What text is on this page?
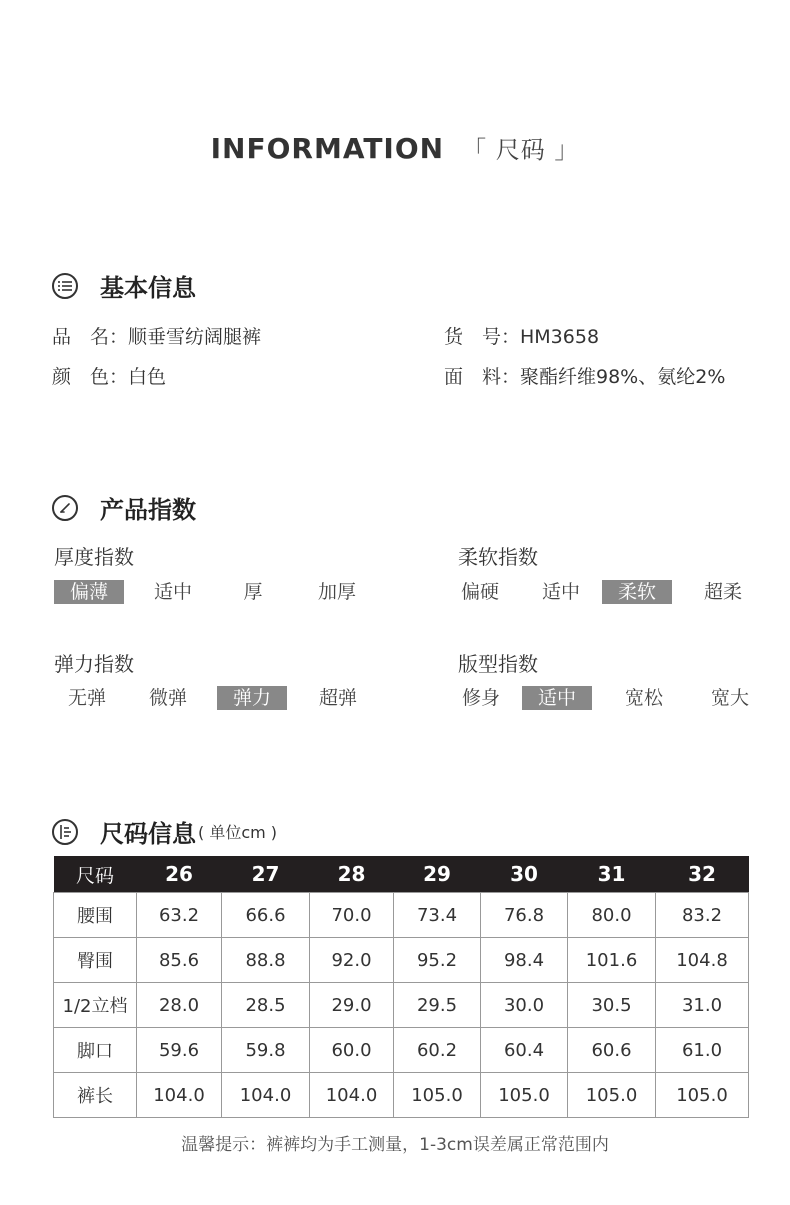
INFORMATION 「 尺码 」
基本信息
品　名：顺垂雪纺阔腿裤	货　号：HM3658
颜　色：白色	面　料：聚酯纤维98%、氨纶2%
产品指数
厚度指数
偏薄	适中	厚	加厚
柔软指数
偏硬	适中	柔软	超柔
弹力指数
无弹	微弹	弹力	超弹
版型指数
修身	适中	宽松	宽大
尺码信息 ( 单位cm )
尺码	26	27	28	29	30	31	32
腰围	63.2	66.6	70.0	73.4	76.8	80.0	83.2
臀围	85.6	88.8	92.0	95.2	98.4	101.6	104.8
1/2立档	28.0	28.5	29.0	29.5	30.0	30.5	31.0
脚口	59.6	59.8	60.0	60.2	60.4	60.6	61.0
裤长	104.0	104.0	104.0	105.0	105.0	105.0	105.0
温馨提示：裤裤均为手工测量，1-3cm误差属正常范围内
